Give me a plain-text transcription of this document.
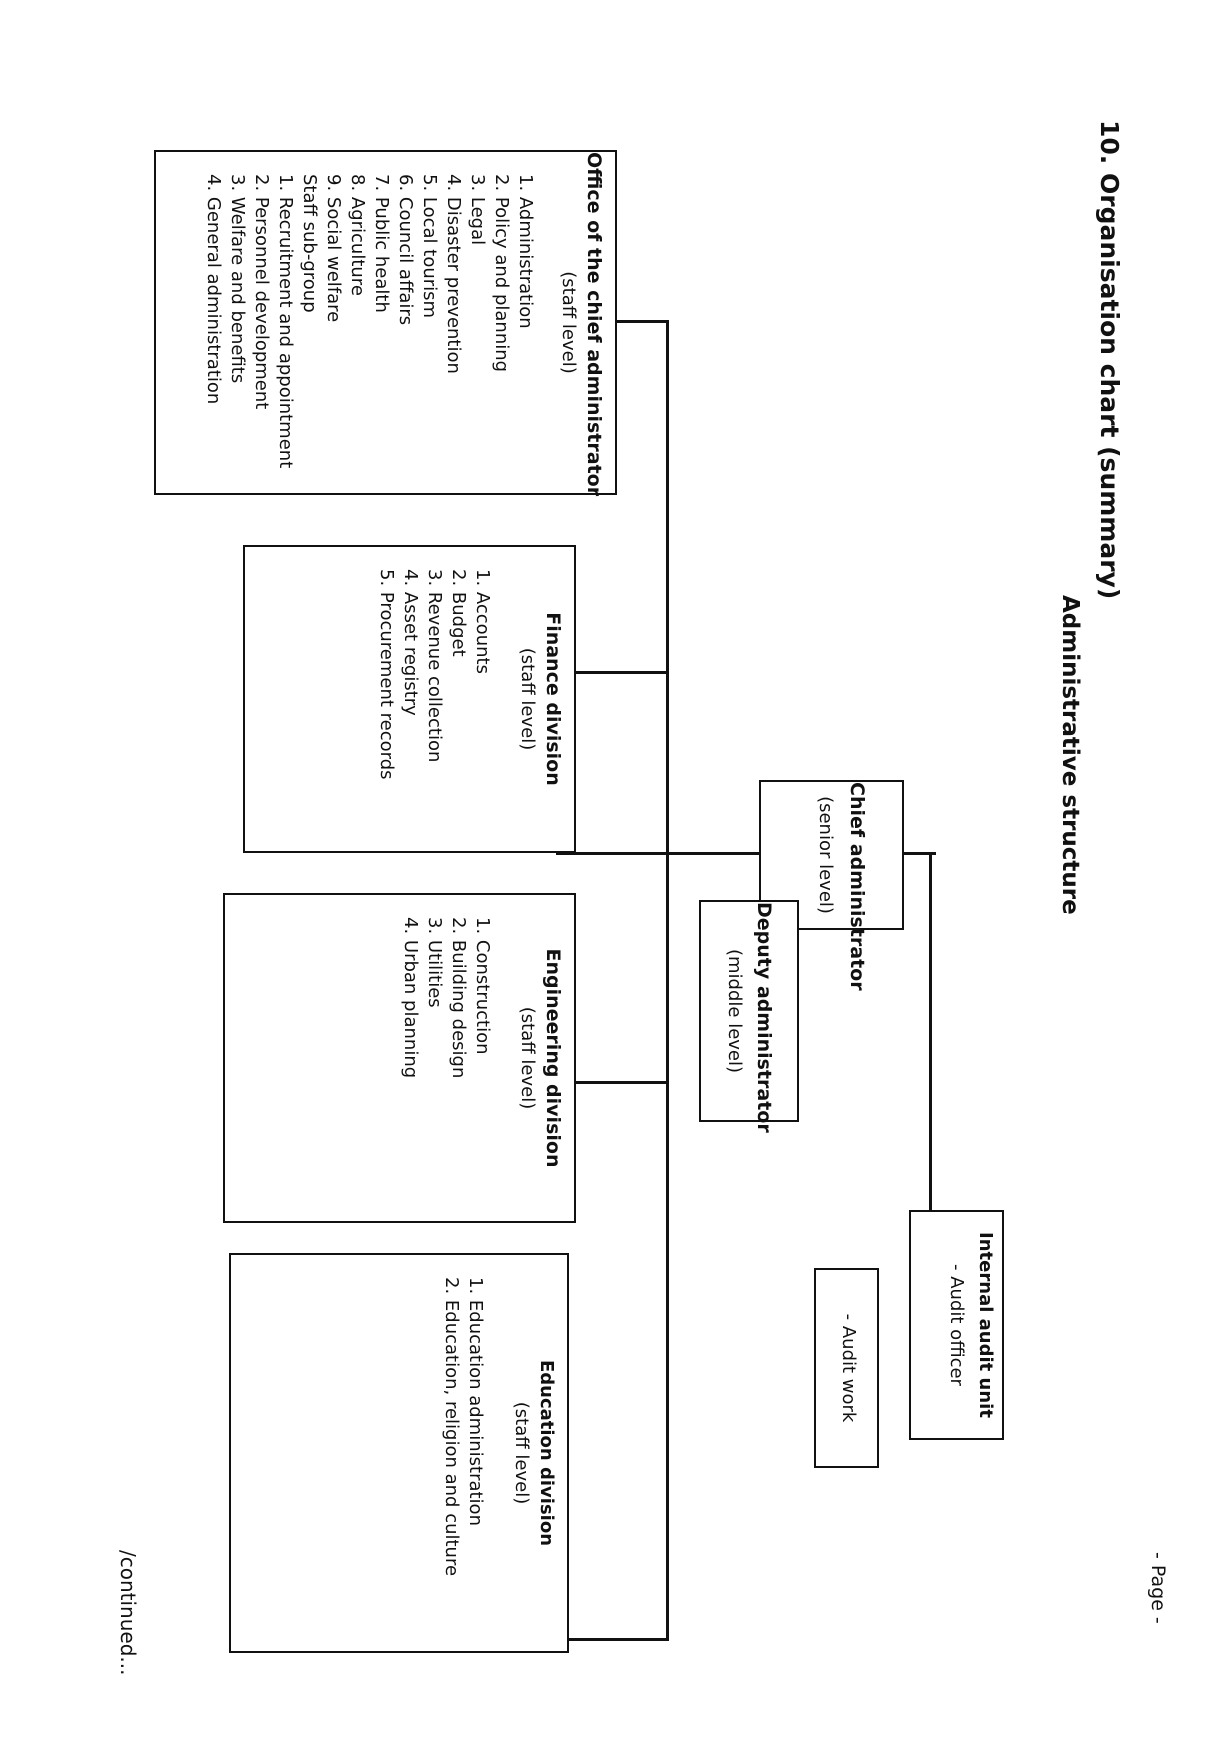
- Page -
10. Organisation chart (summary)
Administrative structure
Chief administrator
(senior level)
Deputy administrator
(middle level)
Internal audit unit
- Audit officer
- Audit work
Office of the chief administrator
(staff level)
1. Administration
2. Policy and planning
3. Legal
4. Disaster prevention
5. Local tourism
6. Council affairs
7. Public health
8. Agriculture
9. Social welfare
Staff sub-group
1. Recruitment and appointment
2. Personnel development
3. Welfare and benefits
4. General administration
Finance division
(staff level)
1. Accounts
2. Budget
3. Revenue collection
4. Asset registry
5. Procurement records
Engineering division
(staff level)
1. Construction
2. Building design
3. Utilities
4. Urban planning
Education division
(staff level)
1. Education administration
2. Education, religion and culture
/continued...
